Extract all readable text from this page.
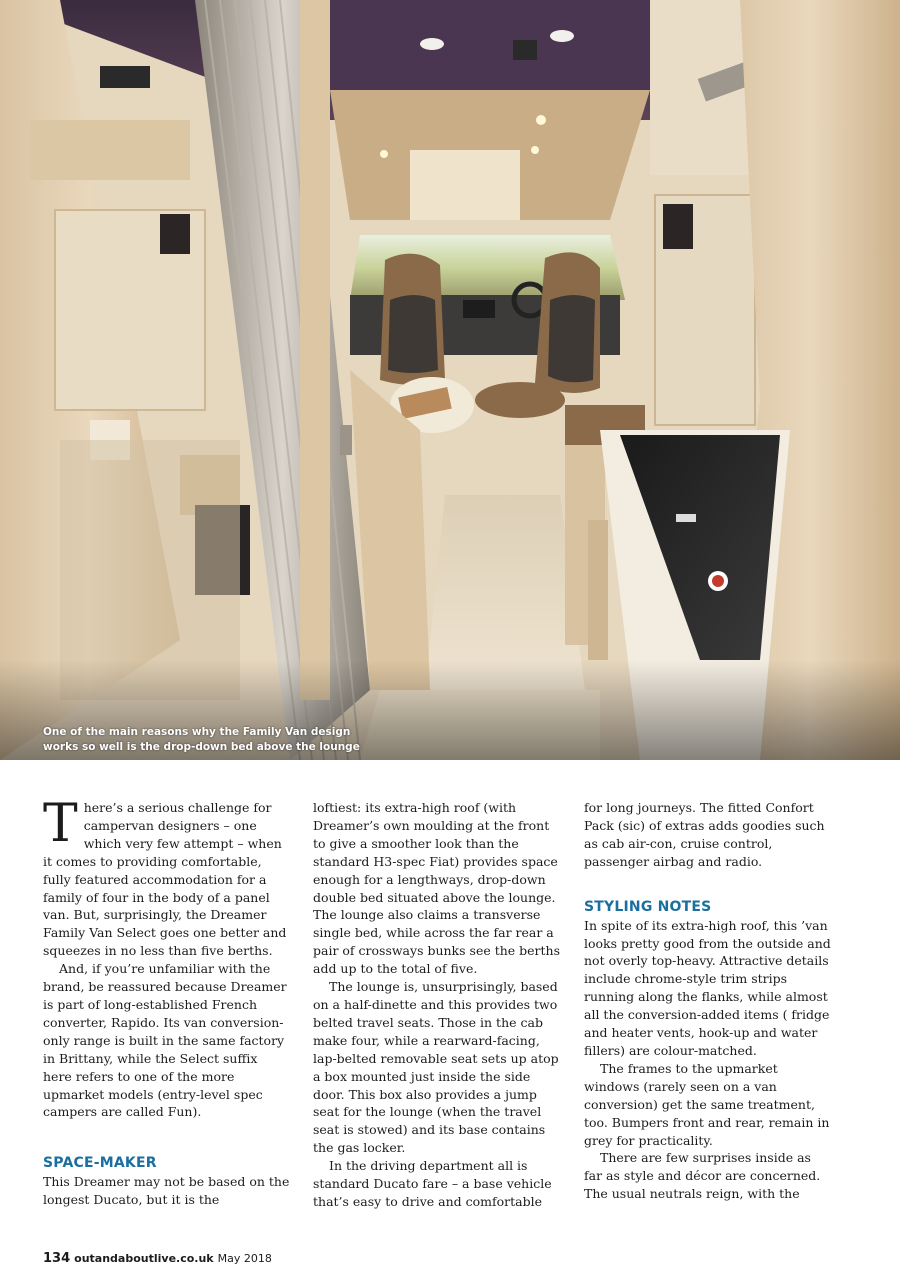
One of the main reasons why the Family Van design works so well is the drop-down bed above the lounge

There’s a serious challenge for campervan designers – one which very few attempt – when it comes to providing comfortable, fully featured accommodation for a family of four in the body of a panel van. But, surprisingly, the Dreamer Family Van Select goes one better and squeezes in no less than five berths.

And, if you’re unfamiliar with the brand, be reassured because Dreamer is part of long-established French converter, Rapido. Its van conversion-only range is built in the same factory in Brittany, while the Select suffix here refers to one of the more upmarket models (entry-level spec campers are called Fun).

SPACE-MAKER

This Dreamer may not be based on the longest Ducato, but it is the

loftiest: its extra-high roof (with Dreamer’s own moulding at the front to give a smoother look than the standard H3-spec Fiat) provides space enough for a lengthways, drop-down double bed situated above the lounge. The lounge also claims a transverse single bed, while across the far rear a pair of crossways bunks see the berths add up to the total of five.

The lounge is, unsurprisingly, based on a half-dinette and this provides two belted travel seats. Those in the cab make four, while a rearward-facing, lap-belted removable seat sets up atop a box mounted just inside the side door. This box also provides a jump seat for the lounge (when the travel seat is stowed) and its base contains the gas locker.

In the driving department all is standard Ducato fare – a base vehicle that’s easy to drive and comfortable

for long journeys. The fitted Confort Pack (sic) of extras adds goodies such as cab air-con, cruise control, passenger airbag and radio.

STYLING NOTES

In spite of its extra-high roof, this ’van looks pretty good from the outside and not overly top-heavy. Attractive details include chrome-style trim strips running along the flanks, while almost all the conversion-added items ( fridge and heater vents, hook-up and water fillers) are colour-matched.

The frames to the upmarket windows (rarely seen on a van conversion) get the same treatment, too. Bumpers front and rear, remain in grey for practicality.

There are few surprises inside as far as style and décor are concerned. The usual neutrals reign, with the

134 outandaboutlive.co.uk May 2018
